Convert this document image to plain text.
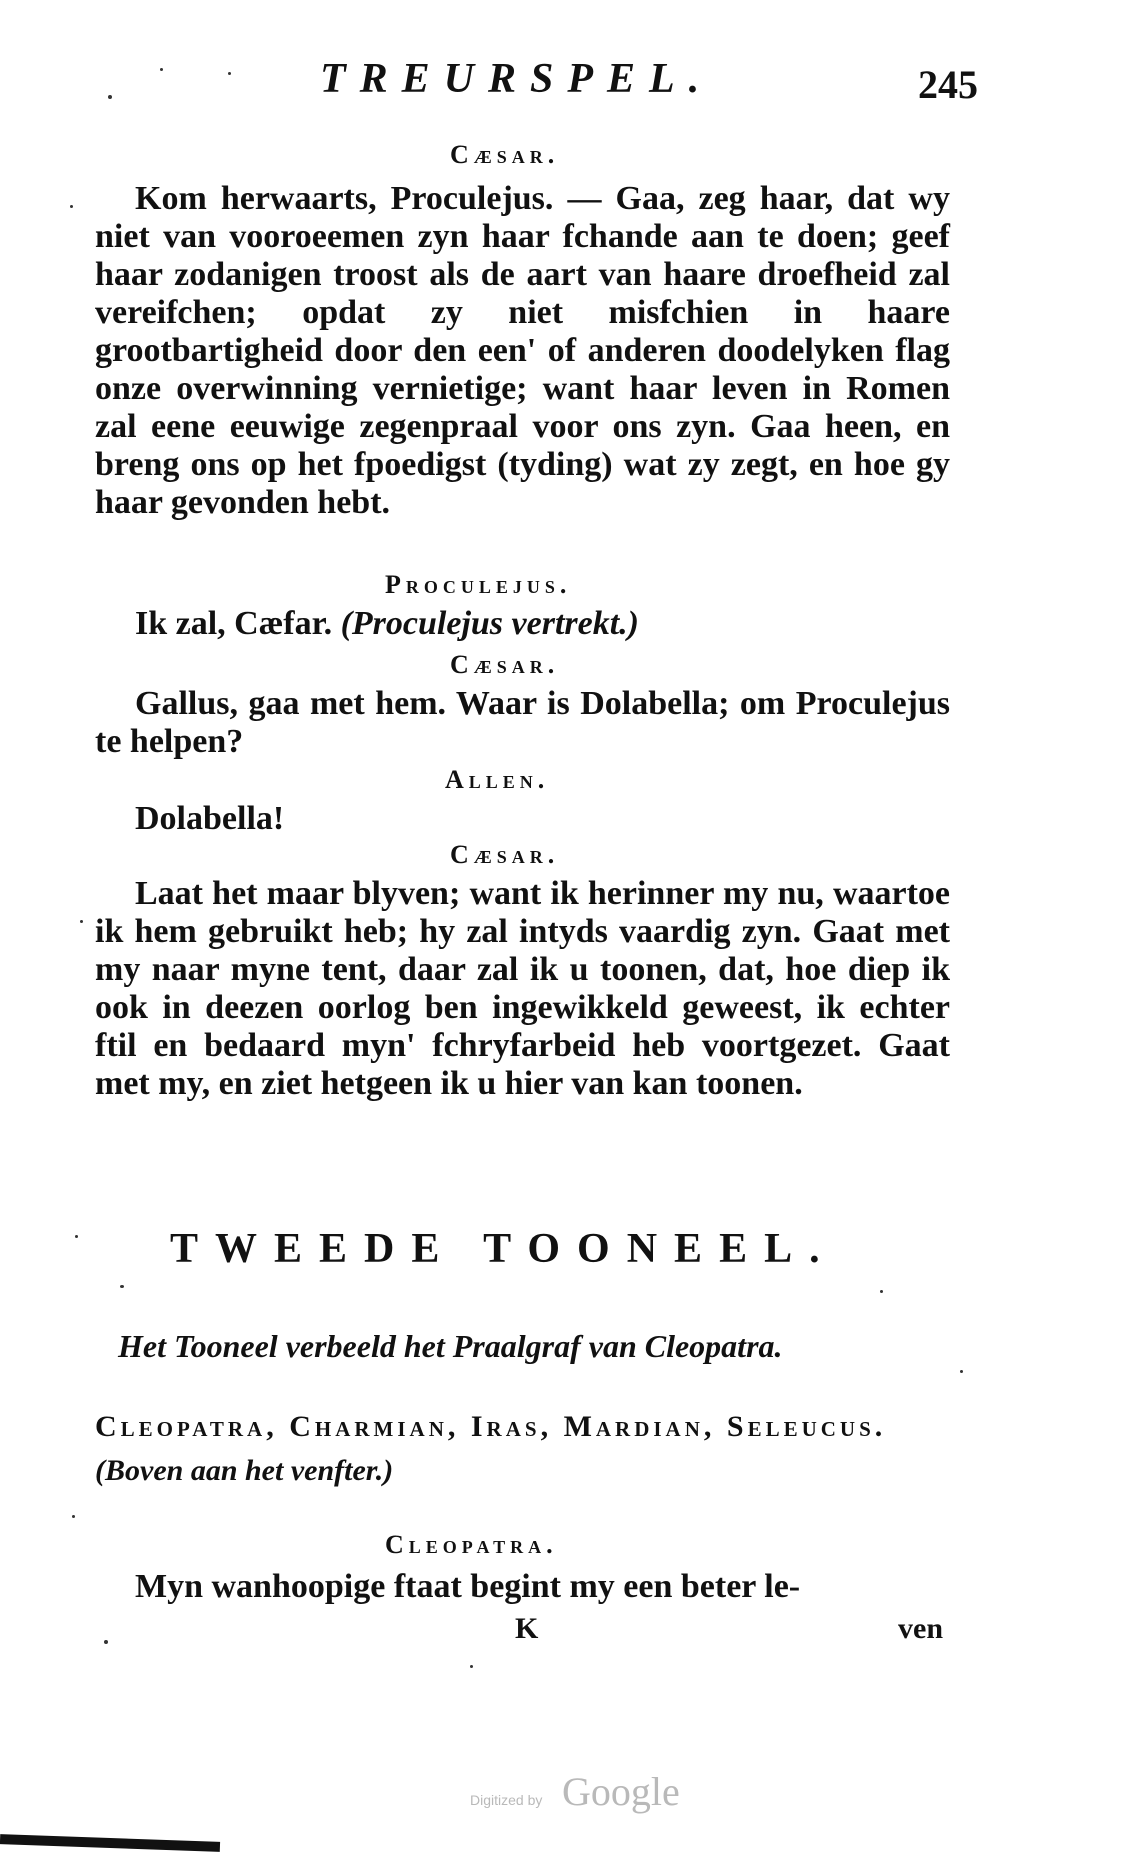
TREURSPEL.	245
Cæsar.
Kom herwaarts, Proculejus. — Gaa, zeg haar, dat wy niet van vooroeemen zyn haar fchande aan te doen; geef haar zodanigen troost als de aart van haare droefheid zal vereifchen; opdat zy niet misfchien in haare grootbartigheid door den een' of anderen doodelyken flag onze overwinning vernietige; want haar leven in Romen zal eene eeuwige zegenpraal voor ons zyn. Gaa heen, en breng ons op het fpoedigst (tyding) wat zy zegt, en hoe gy haar gevonden hebt.
Proculejus.
Ik zal, Cæfar. (Proculejus vertrekt.)
Cæsar.
Gallus, gaa met hem. Waar is Dolabella; om Proculejus te helpen?
Allen.
Dolabella!
Cæsar.
Laat het maar blyven; want ik herinner my nu, waartoe ik hem gebruikt heb; hy zal intyds vaardig zyn. Gaat met my naar myne tent, daar zal ik u toonen, dat, hoe diep ik ook in deezen oorlog ben ingewikkeld geweest, ik echter ftil en bedaard myn' fchryfarbeid heb voortgezet. Gaat met my, en ziet hetgeen ik u hier van kan toonen.
TWEEDE TOONEEL.
Het Tooneel verbeeld het Praalgraf van Cleopatra.
Cleopatra, Charmian, Iras, Mardian, Seleucus. (Boven aan het venfter.)
Cleopatra.
Myn wanhoopige ftaat begint my een beter le-
K	ven
Digitized by Google
